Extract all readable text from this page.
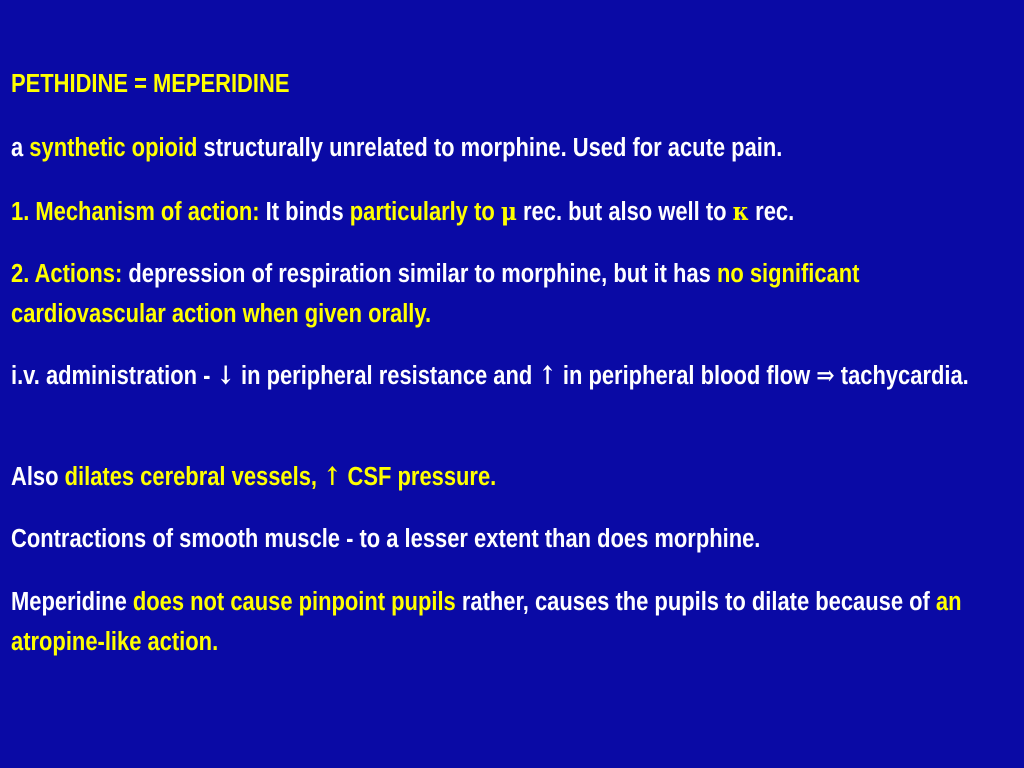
PETHIDINE = MEPERIDINE

a synthetic opioid structurally unrelated to morphine. Used for acute pain.

1. Mechanism of action: It binds particularly to μ rec. but also well to κ rec.

2. Actions: depression of respiration similar to morphine, but it has no significant cardiovascular action when given orally.

i.v. administration - ↓ in peripheral resistance and ↑ in peripheral blood flow ⇒ tachycardia.

Also dilates cerebral vessels, ↑ CSF pressure.

Contractions of smooth muscle - to a lesser extent than does morphine.

Meperidine does not cause pinpoint pupils rather, causes the pupils to dilate because of an atropine-like action.
